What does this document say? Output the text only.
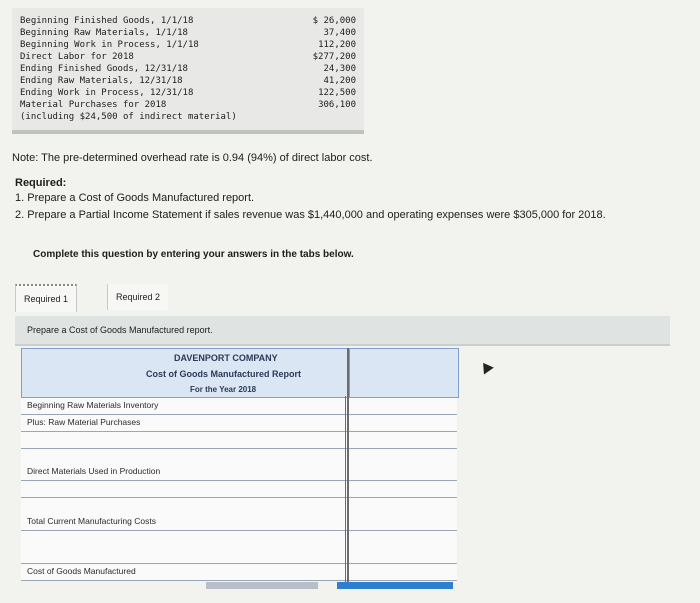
Beginning Finished Goods, 1/1/18	$ 26,000
Beginning Raw Materials, 1/1/18	37,400
Beginning Work in Process, 1/1/18	112,200
Direct Labor for 2018	$277,200
Ending Finished Goods, 12/31/18	24,300
Ending Raw Materials, 12/31/18	41,200
Ending Work in Process, 12/31/18	122,500
Material Purchases for 2018	306,100
(including $24,500 of indirect material)
Note: The pre-determined overhead rate is 0.94 (94%) of direct labor cost.
Required:
1. Prepare a Cost of Goods Manufactured report.
2. Prepare a Partial Income Statement if sales revenue was $1,440,000 and operating expenses were $305,000 for 2018.
Complete this question by entering your answers in the tabs below.
Required 1	Required 2
Prepare a Cost of Goods Manufactured report.
DAVENPORT COMPANY
Cost of Goods Manufactured Report
For the Year 2018
Beginning Raw Materials Inventory
Plus: Raw Material Purchases
Direct Materials Used in Production
Total Current Manufacturing Costs
Cost of Goods Manufactured
